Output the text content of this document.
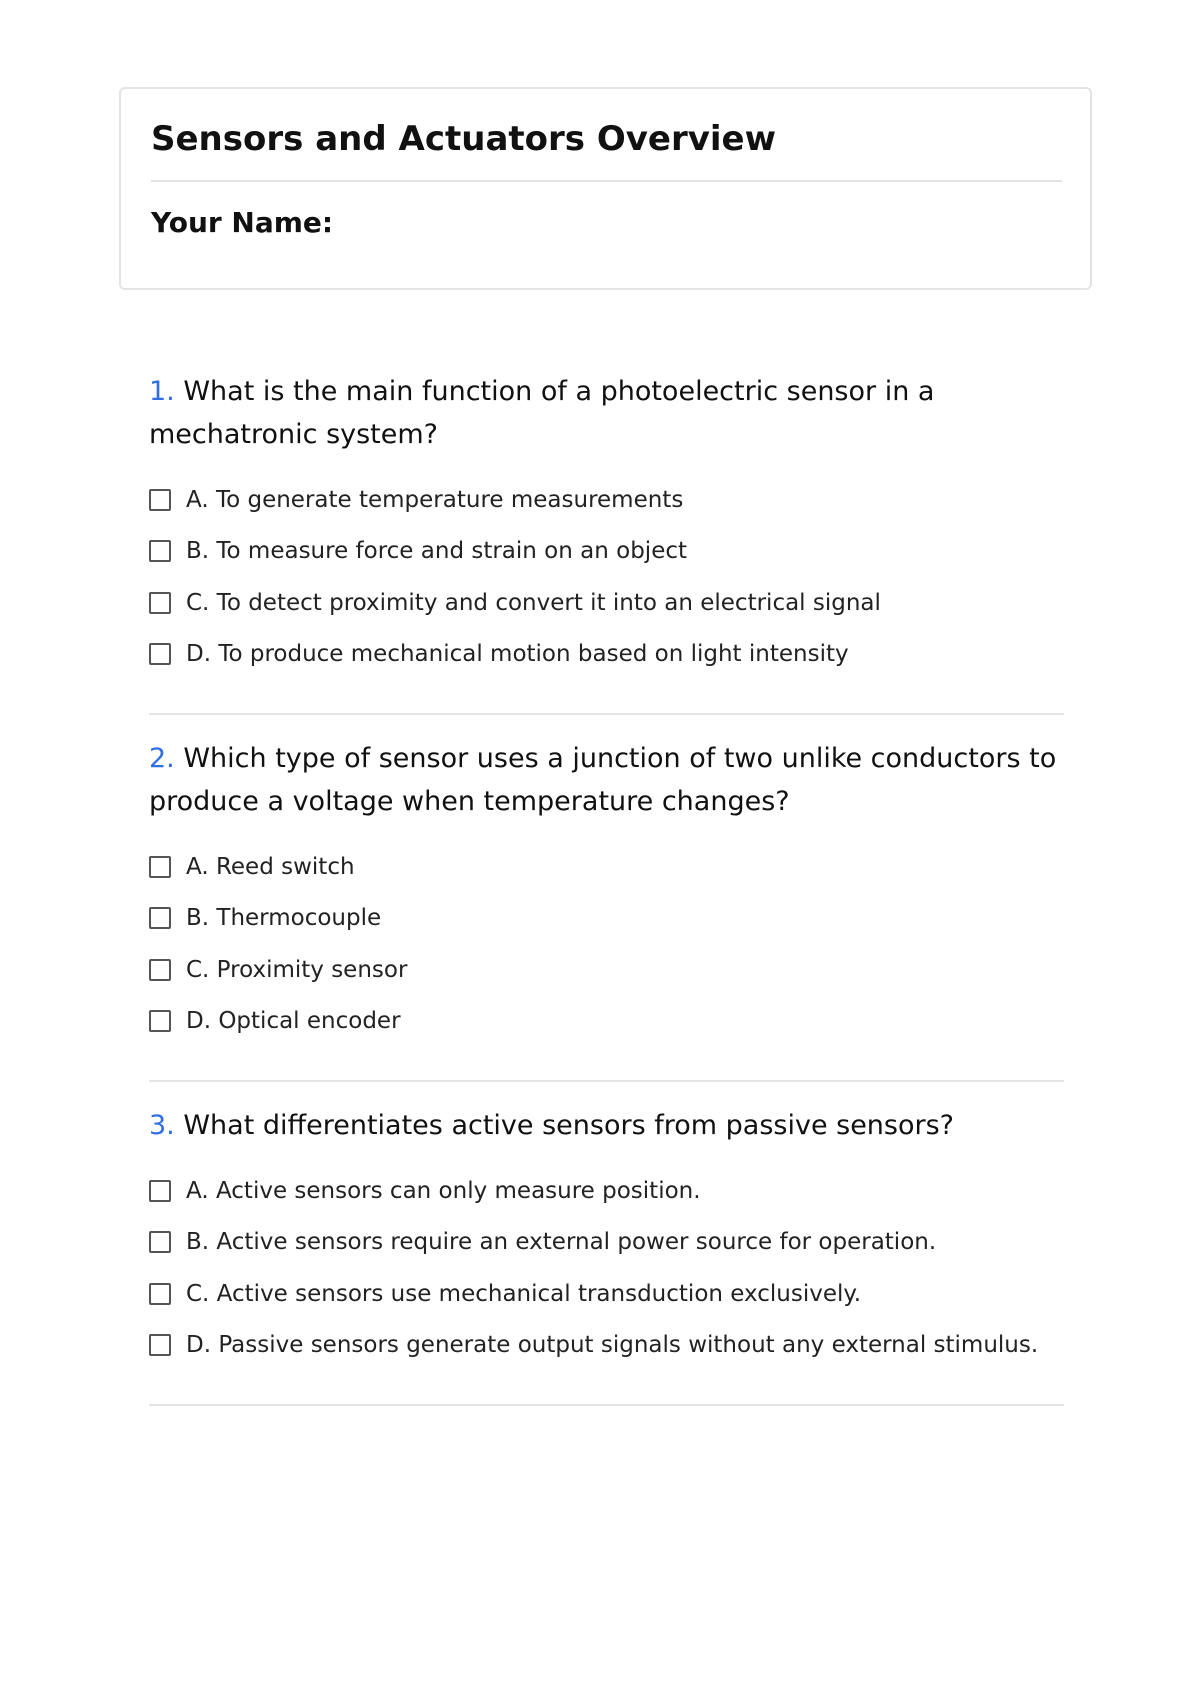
Sensors and Actuators Overview
Your Name:
1. What is the main function of a photoelectric sensor in a mechatronic system?
A. To generate temperature measurements
B. To measure force and strain on an object
C. To detect proximity and convert it into an electrical signal
D. To produce mechanical motion based on light intensity
2. Which type of sensor uses a junction of two unlike conductors to produce a voltage when temperature changes?
A. Reed switch
B. Thermocouple
C. Proximity sensor
D. Optical encoder
3. What differentiates active sensors from passive sensors?
A. Active sensors can only measure position.
B. Active sensors require an external power source for operation.
C. Active sensors use mechanical transduction exclusively.
D. Passive sensors generate output signals without any external stimulus.
